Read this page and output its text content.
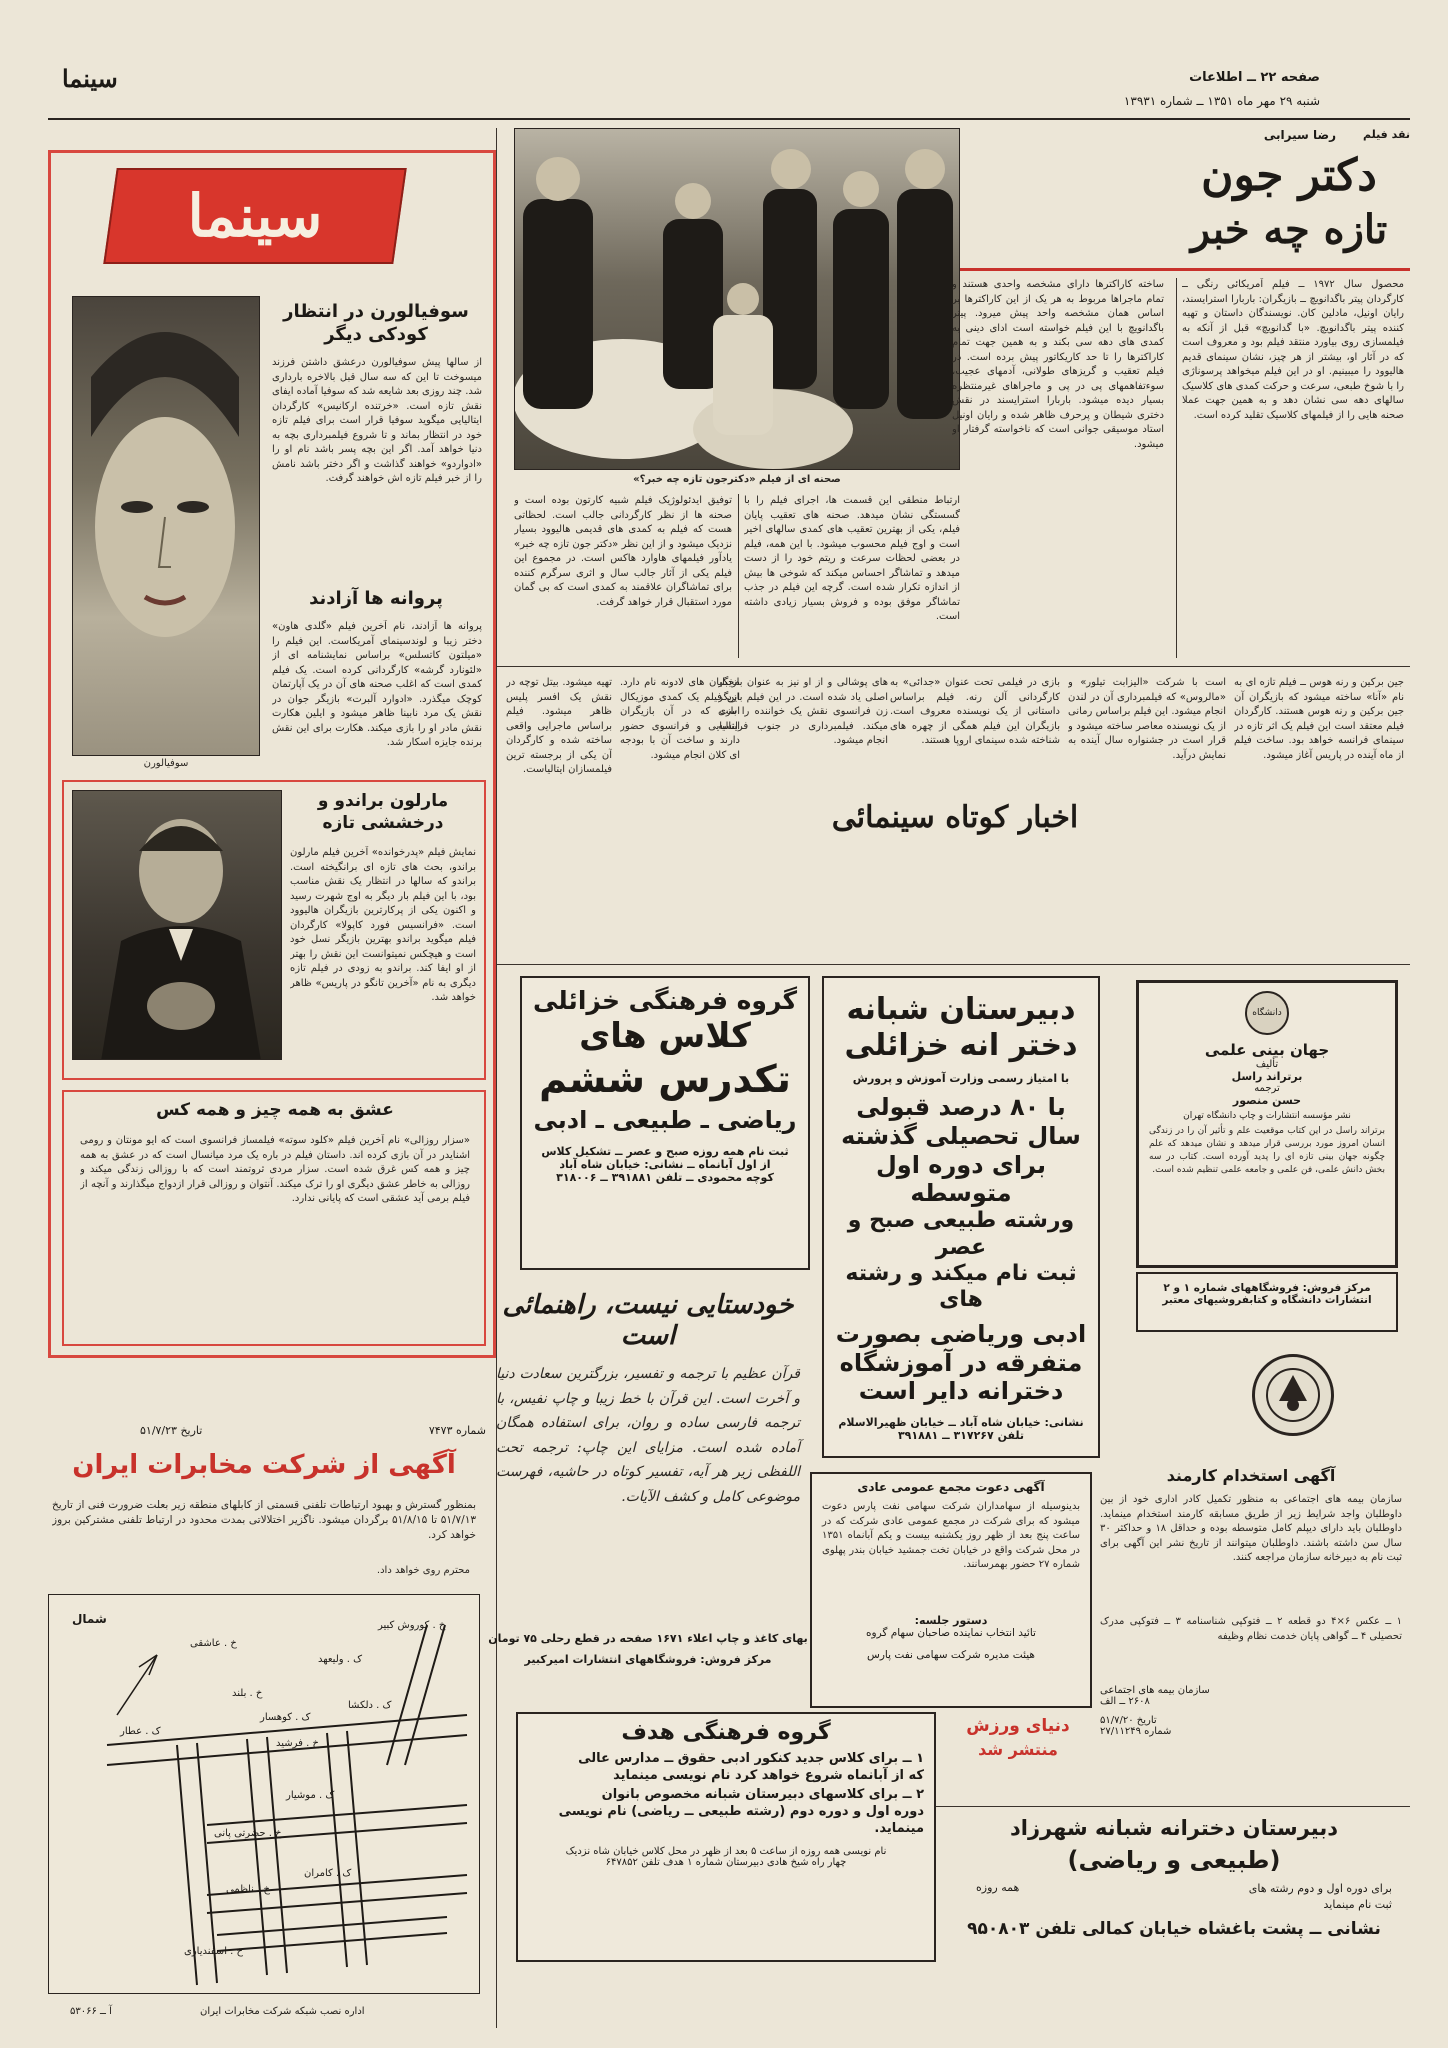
سینما	صفحه ۲۲ ــ اطلاعات
شنبه ۲۹ مهر ماه ۱۳۵۱ ــ شماره ۱۳۹۳۱
سینما
سوفیالورن
سوفیالورن در انتظار کودکی دیگر
از سالها پیش سوفیالورن درعشق داشتن فرزند میسوخت تا این که سه سال قبل بالاخره بارداری شد. چند روزی بعد شایعه شد که سوفیا آماده ایفای نقش تازه است. «خرتنده ارکانیس» کارگردان ایتالیایی میگوید سوفیا قرار است برای فیلم تازه خود در انتظار بماند و تا شروع فیلمبرداری بچه به دنیا خواهد آمد. اگر این بچه پسر باشد نام او را «ادواردو» خواهند گذاشت و اگر دختر باشد نامش را از خبر فیلم تازه اش خواهند گرفت.
پروانه ها آزادند
پروانه ها آزادند، نام آخرین فیلم «گلدی هاون» دختر زیبا و لوندسینمای آمریکاست. این فیلم را «میلتون کاتسلس» براساس نمایشنامه ای از «لئونارد گرشه» کارگردانی کرده است. یک فیلم کمدی است که اغلب صحنه های آن در یک آپارتمان کوچک میگذرد. «ادوارد آلبرت» بازیگر جوان در نقش یک مرد نابینا ظاهر میشود و ایلین هکارت نقش مادر او را بازی میکند. هکارت برای این نقش برنده جایزه اسکار شد.
مارلون براندو و درخششی تازه
نمایش فیلم «پدرخوانده» آخرین فیلم مارلون براندو، بحث های تازه ای برانگیخته است. براندو که سالها در انتظار یک نقش مناسب بود، با این فیلم بار دیگر به اوج شهرت رسید و اکنون یکی از پرکارترین بازیگران هالیوود است. «فرانسیس فورد کاپولا» کارگردان فیلم میگوید براندو بهترین بازیگر نسل خود است و هیچکس نمیتوانست این نقش را بهتر از او ایفا کند. براندو به زودی در فیلم تازه دیگری به نام «آخرین تانگو در پاریس» ظاهر خواهد شد.
عشق به همه چیز و همه کس
«سزار روزالی» نام آخرین فیلم «کلود سوته» فیلمساز فرانسوی است که ایو مونتان و رومی اشنایدر در آن بازی کرده اند. داستان فیلم در باره یک مرد میانسال است که در عشق به همه چیز و همه کس غرق شده است. سزار مردی ثروتمند است که با روزالی زندگی میکند و روزالی به خاطر عشق دیگری او را ترک میکند. آنتوان و روزالی قرار ازدواج میگذارند و آنچه از فیلم برمی آید عشقی است که پایانی ندارد.
شماره ۷۴۷۳
تاریخ ۵۱/۷/۲۳
آگهی از شرکت مخابرات ایران
بمنظور گسترش و بهبود ارتباطات تلفنی قسمتی از کابلهای منطقه زیر بعلت ضرورت فنی از تاریخ ۵۱/۷/۱۳ تا ۵۱/۸/۱۵ برگردان میشود. ناگزیر اختلالاتی بمدت محدود در ارتباط تلفنی مشترکین بروز خواهد کرد.
محترم روی خواهد داد.
شمال
ک . عطار
ک . موشیار
خ . حضرتی پانی
خ . ناظمی
ک . کامران
خ . اسفندیاری
خ . عاشقی
خ . بلند
ک . دلکشا
خ . فرشید
ک . ولیعهد
ک . کوهسار
خ . کوروش کبیر
اداره نصب شبکه شرکت مخابرات ایران
آ ــ ۵۳۰۶۶
نقد فیلم
رضا سیرابی
دکتر جون
تازه چه خبر
صحنه ای از فیلم «دکترجون تازه چه خبر؟»
محصول سال ۱۹۷۲ ــ فیلم آمریکائی رنگی ــ کارگردان پیتر باگدانویچ ــ بازیگران: باربارا استرایسند، رایان اونیل، مادلین کان. نویسندگان داستان و تهیه کننده پیتر باگدانویچ. «با گدانویچ» قبل از آنکه به فیلمسازی روی بیاورد منتقد فیلم بود و معروف است که در آثار او، بیشتر از هر چیز، نشان سینمای قدیم هالیوود را میبینیم. او در این فیلم میخواهد پرسوناژی را با شوخ طبعی، سرعت و حرکت کمدی های کلاسیک سالهای دهه سی نشان دهد و به همین جهت عملا صحنه هایی را از فیلمهای کلاسیک تقلید کرده است.
ساخته کاراکترها دارای مشخصه واحدی هستند و تمام ماجراها مربوط به هر یک از این کاراکترها بر اساس همان مشخصه واحد پیش میرود. پیتر باگدانویچ با این فیلم خواسته است ادای دینی به کمدی های دهه سی بکند و به همین جهت تمام کاراکترها را تا حد کاریکاتور پیش برده است. در فیلم تعقیب و گریزهای طولانی، آدمهای عجیب، سوءتفاهمهای پی در پی و ماجراهای غیرمنتظره بسیار دیده میشود. باربارا استرایسند در نقش دختری شیطان و پرحرف ظاهر شده و رایان اونیل استاد موسیقی جوانی است که ناخواسته گرفتار او میشود.
ارتباط منطقی این قسمت ها، اجرای فیلم را با گسستگی نشان میدهد. صحنه های تعقیب پایان فیلم، یکی از بهترین تعقیب های کمدی سالهای اخیر است و اوج فیلم محسوب میشود. با این همه، فیلم در بعضی لحظات سرعت و ریتم خود را از دست میدهد و تماشاگر احساس میکند که شوخی ها بیش از اندازه تکرار شده است. گرچه این فیلم در جذب تماشاگر موفق بوده و فروش بسیار زیادی داشته است.
توفیق ایدئولوژیک فیلم شبیه کارتون بوده است و صحنه ها از نظر کارگردانی جالب است. لحظاتی هست که فیلم به کمدی های قدیمی هالیوود بسیار نزدیک میشود و از این نظر «دکتر جون تازه چه خبر» یادآور فیلمهای هاوارد هاکس است. در مجموع این فیلم یکی از آثار جالب سال و اثری سرگرم کننده برای تماشاگران علاقمند به کمدی است که بی گمان مورد استقبال قرار خواهد گرفت.
اخبار کوتاه سینمائی
جین برکین و رنه هوس ــ فیلم تازه ای به نام «آنا» ساخته میشود که بازیگران آن جین برکین و رنه هوس هستند. کارگردان فیلم معتقد است این فیلم یک اثر تازه در سینمای فرانسه خواهد بود. ساخت فیلم از ماه آینده در پاریس آغاز میشود.
است با شرکت «الیزابت تیلور» و «مالروس» که فیلمبرداری آن در لندن انجام میشود. این فیلم براساس رمانی از یک نویسنده معاصر ساخته میشود و قرار است در جشنواره سال آینده به نمایش درآید.
بازی در فیلمی تحت عنوان «جدائی» به کارگردانی آلن رنه. فیلم براساس داستانی از یک نویسنده معروف است. بازیگران این فیلم همگی از چهره های شناخته شده سینمای اروپا هستند.
های پوشالی و از او نیز به عنوان بازیگر اصلی یاد شده است. در این فیلم بازیگر زن فرانسوی نقش یک خواننده را بازی میکند. فیلمبرداری در جنوب فرانسه انجام میشود.
مخبایان های لادونه نام دارد. این فیلم یک کمدی موزیکال است که در آن بازیگران ایتالیایی و فرانسوی حضور دارند و ساخت آن با بودجه ای کلان انجام میشود.
تهیه میشود. بیتل توچه در نقش یک افسر پلیس ظاهر میشود. فیلم براساس ماجرایی واقعی ساخته شده و کارگردان آن یکی از برجسته ترین فیلمسازان ایتالیاست.
گروه فرهنگی خزائلی
کلاس های
تکدرس ششم
ریاضی ـ طبیعی ـ ادبی
ثبت نام همه روزه صبح و عصر ــ تشکیل کلاس
از اول آبانماه ــ نشانی: خیابان شاه آباد
کوچه محمودی ــ تلفن ۳۹۱۸۸۱ ــ ۳۱۸۰۰۶
دبیرستان شبانه
دختر انه خزائلی
با امتیاز رسمی وزارت آموزش و پرورش
با ۸۰ درصد قبولی
سال تحصیلی گذشته
برای دوره اول متوسطه
ورشته طبیعی صبح و عصر
ثبت نام میکند و رشته های
ادبی وریاضی بصورت
متفرقه در آموزشگاه
دخترانه دایر است
نشانی: خیابان شاه آباد ــ خیابان ظهیرالاسلام
تلفن ۳۱۷۲۶۷ ــ ۳۹۱۸۸۱
دانشگاه
جهان بینی علمی
تألیف
برتراند راسل
ترجمه
حسن منصور
نشر مؤسسه انتشارات و چاپ دانشگاه تهران
برتراند راسل در این کتاب موقعیت علم و تأثیر آن را در زندگی انسان امروز مورد بررسی قرار میدهد و نشان میدهد که علم چگونه جهان بینی تازه ای را پدید آورده است. کتاب در سه بخش دانش علمی، فن علمی و جامعه علمی تنظیم شده است.
مرکز فروش: فروشگاههای شماره ۱ و ۲ انتشارات دانشگاه و کتابفروشیهای معتبر
خودستایی نیست، راهنمائی است
قرآن عظیم با ترجمه و تفسیر، بزرگترین سعادت دنیا و آخرت است. این قرآن با خط زیبا و چاپ نفیس، با ترجمه فارسی ساده و روان، برای استفاده همگان آماده شده است. مزایای این چاپ: ترجمه تحت اللفظی زیر هر آیه، تفسیر کوتاه در حاشیه، فهرست موضوعی کامل و کشف الآیات.
بهای کاغذ و چاپ اعلاء ۱۶۷۱ صفحه در قطع رحلی ۷۵ تومان
مرکز فروش: فروشگاههای انتشارات امیرکبیر
آگهی استخدام کارمند
سازمان بیمه های اجتماعی به منظور تکمیل کادر اداری خود از بین داوطلبان واجد شرایط زیر از طریق مسابقه کارمند استخدام مینماید. داوطلبان باید دارای دیپلم کامل متوسطه بوده و حداقل ۱۸ و حداکثر ۳۰ سال سن داشته باشند. داوطلبان میتوانند از تاریخ نشر این آگهی برای ثبت نام به دبیرخانه سازمان مراجعه کنند.
۱ ــ عکس ۶×۴ دو قطعه ۲ ــ فتوکپی شناسنامه ۳ ــ فتوکپی مدرک تحصیلی ۴ ــ گواهی پایان خدمت نظام وظیفه
سازمان بیمه های اجتماعی
۲۶۰۸ ــ الف
تاریخ ۵۱/۷/۲۰
شماره ۲۷/۱۱۲۴۹
آگهی دعوت مجمع عمومی عادی
بدینوسیله از سهامداران شرکت سهامی نفت پارس دعوت میشود که برای شرکت در مجمع عمومی عادی شرکت که در ساعت پنج بعد از ظهر روز یکشنبه بیست و یکم آبانماه ۱۳۵۱ در محل شرکت واقع در خیابان تخت جمشید خیابان بندر پهلوی شماره ۲۷ حضور بهمرسانند.
دستور جلسه:
تائید انتخاب نماینده صاحبان سهام گروه
هیئت مدیره شرکت سهامی نفت پارس
دنیای ورزش
منتشر شد
گروه فرهنگی هدف
۱ ــ برای کلاس جدید کنکور ادبی حقوق ــ مدارس عالی
که از آبانماه شروع خواهد کرد نام نویسی مینماید
۲ ــ برای کلاسهای دبیرستان شبانه مخصوص بانوان
دوره اول و دوره دوم (رشته طبیعی ــ ریاضی) نام نویسی
مینماید.
نام نویسی همه روزه از ساعت ۵ بعد از ظهر در محل کلاس خیابان شاه نزدیک
چهار راه شیخ هادی دبیرستان شماره ۱ هدف تلفن ۶۴۷۸۵۲
دبیرستان دخترانه شبانه شهرزاد
(طبیعی و ریاضی)
برای دوره اول و دوم رشته های
همه روزه
ثبت نام مینماید
نشانی ــ پشت باغشاه خیابان کمالی تلفن ۹۵۰۸۰۳
